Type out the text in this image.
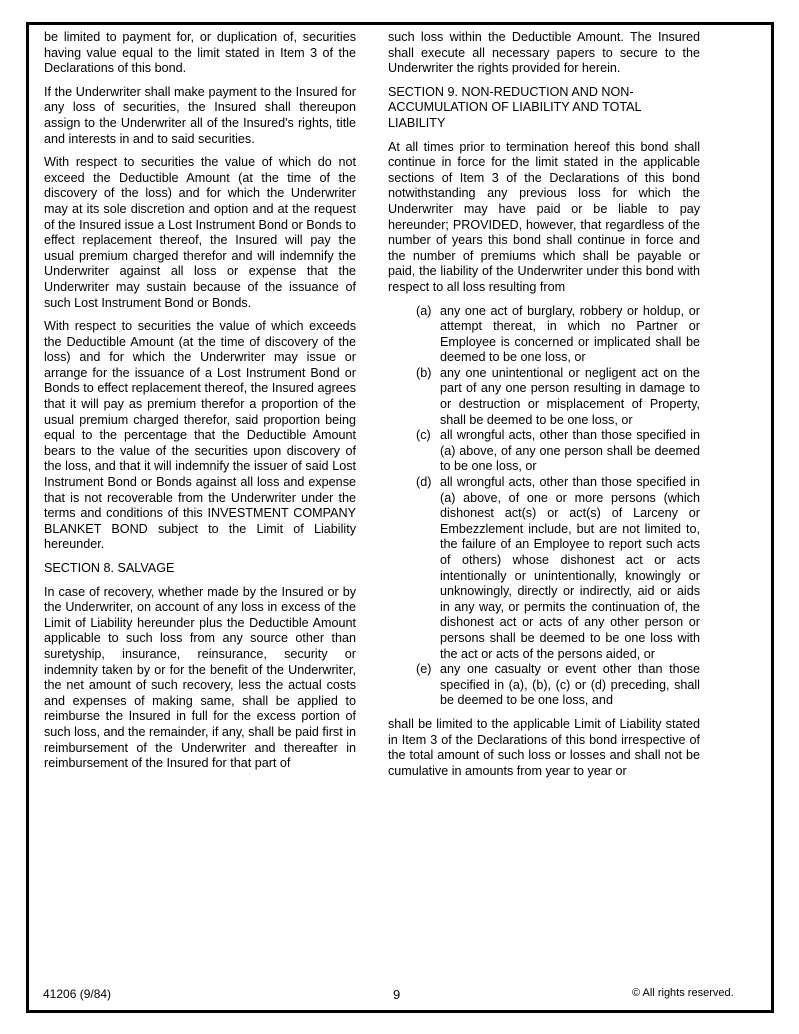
be limited to payment for, or duplication of, securities having value equal to the limit stated in Item 3 of the Declarations of this bond.

If the Underwriter shall make payment to the Insured for any loss of securities, the Insured shall thereupon assign to the Underwriter all of the Insured's rights, title and interests in and to said securities.

With respect to securities the value of which do not exceed the Deductible Amount (at the time of the discovery of the loss) and for which the Underwriter may at its sole discretion and option and at the request of the Insured issue a Lost Instrument Bond or Bonds to effect replacement thereof, the Insured will pay the usual premium charged therefor and will indemnify the Underwriter against all loss or expense that the Underwriter may sustain because of the issuance of such Lost Instrument Bond or Bonds.

With respect to securities the value of which exceeds the Deductible Amount (at the time of discovery of the loss) and for which the Underwriter may issue or arrange for the issuance of a Lost Instrument Bond or Bonds to effect replacement thereof, the Insured agrees that it will pay as premium therefor a proportion of the usual premium charged therefor, said proportion being equal to the percentage that the Deductible Amount bears to the value of the securities upon discovery of the loss, and that it will indemnify the issuer of said Lost Instrument Bond or Bonds against all loss and expense that is not recoverable from the Underwriter under the terms and conditions of this INVESTMENT COMPANY BLANKET BOND subject to the Limit of Liability hereunder.

SECTION 8. SALVAGE

In case of recovery, whether made by the Insured or by the Underwriter, on account of any loss in excess of the Limit of Liability hereunder plus the Deductible Amount applicable to such loss from any source other than suretyship, insurance, reinsurance, security or indemnity taken by or for the benefit of the Underwriter, the net amount of such recovery, less the actual costs and expenses of making same, shall be applied to reimburse the Insured in full for the excess portion of such loss, and the remainder, if any, shall be paid first in reimbursement of the Underwriter and thereafter in reimbursement of the Insured for that part of

such loss within the Deductible Amount. The Insured shall execute all necessary papers to secure to the Underwriter the rights provided for herein.

SECTION 9. NON-REDUCTION AND NON-ACCUMULATION OF LIABILITY AND TOTAL LIABILITY

At all times prior to termination hereof this bond shall continue in force for the limit stated in the applicable sections of Item 3 of the Declarations of this bond notwithstanding any previous loss for which the Underwriter may have paid or be liable to pay hereunder; PROVIDED, however, that regardless of the number of years this bond shall continue in force and the number of premiums which shall be payable or paid, the liability of the Underwriter under this bond with respect to all loss resulting from

(a) any one act of burglary, robbery or holdup, or attempt thereat, in which no Partner or Employee is concerned or implicated shall be deemed to be one loss, or
(b) any one unintentional or negligent act on the part of any one person resulting in damage to or destruction or misplacement of Property, shall be deemed to be one loss, or
(c) all wrongful acts, other than those specified in (a) above, of any one person shall be deemed to be one loss, or
(d) all wrongful acts, other than those specified in (a) above, of one or more persons (which dishonest act(s) or act(s) of Larceny or Embezzlement include, but are not limited to, the failure of an Employee to report such acts of others) whose dishonest act or acts intentionally or unintentionally, knowingly or unknowingly, directly or indirectly, aid or aids in any way, or permits the continuation of, the dishonest act or acts of any other person or persons shall be deemed to be one loss with the act or acts of the persons aided, or
(e) any one casualty or event other than those specified in (a), (b), (c) or (d) preceding, shall be deemed to be one loss, and

shall be limited to the applicable Limit of Liability stated in Item 3 of the Declarations of this bond irrespective of the total amount of such loss or losses and shall not be cumulative in amounts from year to year or

41206 (9/84)	9	© All rights reserved.
